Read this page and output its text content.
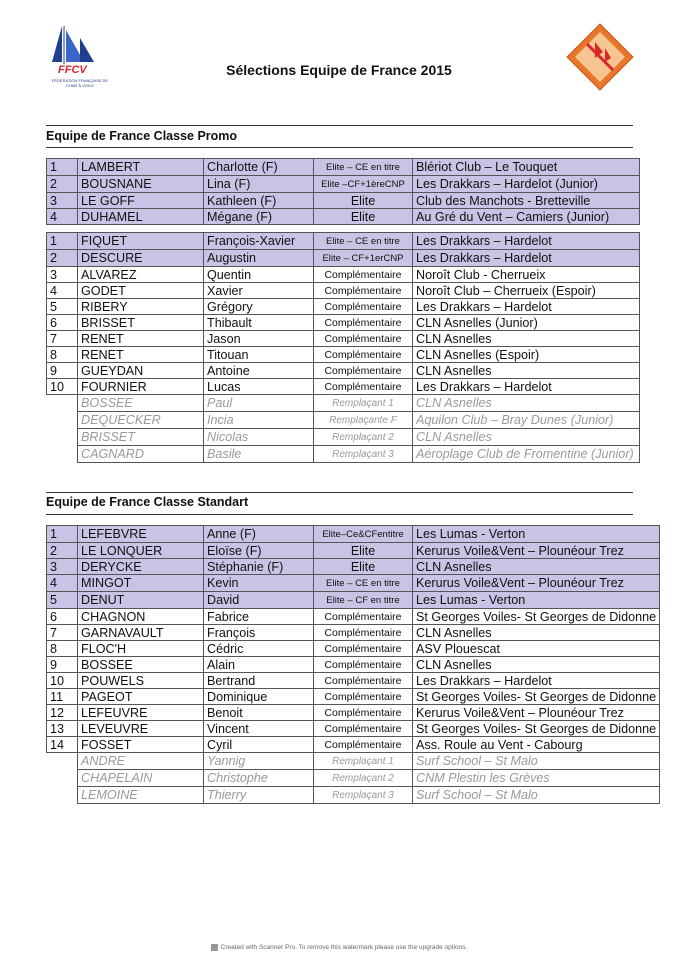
FFCV
FÉDÉRATION FRANÇAISE DE CHAR À VOILE
Sélections Equipe de France 2015
Equipe de France Classe Promo
1	LAMBERT	Charlotte (F)	Elite – CE en titre	Blériot Club – Le Touquet
2	BOUSNANE	Lina (F)	Elite –CF+1èreCNP	Les Drakkars – Hardelot (Junior)
3	LE GOFF	Kathleen (F)	Elite	Club des Manchots - Bretteville
4	DUHAMEL	Mégane (F)	Elite	Au Gré du Vent – Camiers (Junior)
1	FIQUET	François-Xavier	Elite – CE en titre	Les Drakkars – Hardelot
2	DESCURE	Augustin	Elite – CF+1erCNP	Les Drakkars – Hardelot
3	ALVAREZ	Quentin	Complémentaire	Noroît Club - Cherrueix
4	GODET	Xavier	Complémentaire	Noroît Club – Cherrueix (Espoir)
5	RIBERY	Grégory	Complémentaire	Les Drakkars – Hardelot
6	BRISSET	Thibault	Complémentaire	CLN Asnelles (Junior)
7	RENET	Jason	Complémentaire	CLN Asnelles
8	RENET	Titouan	Complémentaire	CLN Asnelles (Espoir)
9	GUEYDAN	Antoine	Complémentaire	CLN Asnelles
10	FOURNIER	Lucas	Complémentaire	Les Drakkars – Hardelot
	BOSSEE	Paul	Remplaçant 1	CLN Asnelles
	DEQUECKER	Incia	Remplaçante F	Aquilon Club – Bray Dunes (Junior)
	BRISSET	Nicolas	Remplaçant 2	CLN Asnelles
	CAGNARD	Basile	Remplaçant 3	Aéroplage Club de Fromentine (Junior)
Equipe de France Classe Standart
1	LEFEBVRE	Anne (F)	Elite–Ce&CFentitre	Les Lumas - Verton
2	LE LONQUER	Eloïse (F)	Elite	Kerurus Voile&Vent – Plounéour Trez
3	DERYCKE	Stéphanie (F)	Elite	CLN Asnelles
4	MINGOT	Kevin	Elite – CE en titre	Kerurus Voile&Vent – Plounéour Trez
5	DENUT	David	Elite – CF en titre	Les Lumas - Verton
6	CHAGNON	Fabrice	Complémentaire	St Georges Voiles- St Georges de Didonne
7	GARNAVAULT	François	Complémentaire	CLN Asnelles
8	FLOC'H	Cédric	Complémentaire	ASV Plouescat
9	BOSSEE	Alain	Complémentaire	CLN Asnelles
10	POUWELS	Bertrand	Complémentaire	Les Drakkars – Hardelot
11	PAGEOT	Dominique	Complémentaire	St Georges Voiles- St Georges de Didonne
12	LEFEUVRE	Benoit	Complémentaire	Kerurus Voile&Vent – Plounéour Trez
13	LEVEUVRE	Vincent	Complémentaire	St Georges Voiles- St Georges de Didonne
14	FOSSET	Cyril	Complémentaire	Ass. Roule au Vent - Cabourg
	ANDRE	Yannig	Remplaçant 1	Surf School – St Malo
	CHAPELAIN	Christophe	Remplaçant 2	CNM Plestin les Grèves
	LEMOINE	Thierry	Remplaçant 3	Surf School – St Malo
Created with Scanner Pro. To remove this watermark please use the upgrade options.
